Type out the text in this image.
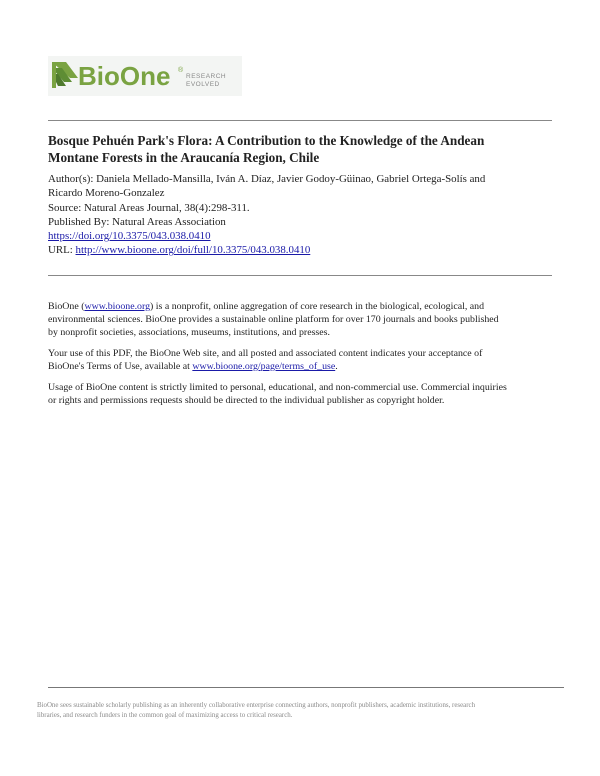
BioOne ®
RESEARCH
EVOLVED
Bosque Pehuén Park's Flora: A Contribution to the Knowledge of the Andean
Montane Forests in the Araucanía Region, Chile
Author(s): Daniela Mellado-Mansilla, Iván A. Díaz, Javier Godoy-Güinao, Gabriel Ortega-Solís and
Ricardo Moreno-Gonzalez
Source: Natural Areas Journal, 38(4):298-311.
Published By: Natural Areas Association
https://doi.org/10.3375/043.038.0410
URL: http://www.bioone.org/doi/full/10.3375/043.038.0410

BioOne (www.bioone.org) is a nonprofit, online aggregation of core research in the biological, ecological, and
environmental sciences. BioOne provides a sustainable online platform for over 170 journals and books published
by nonprofit societies, associations, museums, institutions, and presses.

Your use of this PDF, the BioOne Web site, and all posted and associated content indicates your acceptance of
BioOne's Terms of Use, available at www.bioone.org/page/terms_of_use.

Usage of BioOne content is strictly limited to personal, educational, and non-commercial use. Commercial inquiries
or rights and permissions requests should be directed to the individual publisher as copyright holder.

BioOne sees sustainable scholarly publishing as an inherently collaborative enterprise connecting authors, nonprofit publishers, academic institutions, research
libraries, and research funders in the common goal of maximizing access to critical research.
